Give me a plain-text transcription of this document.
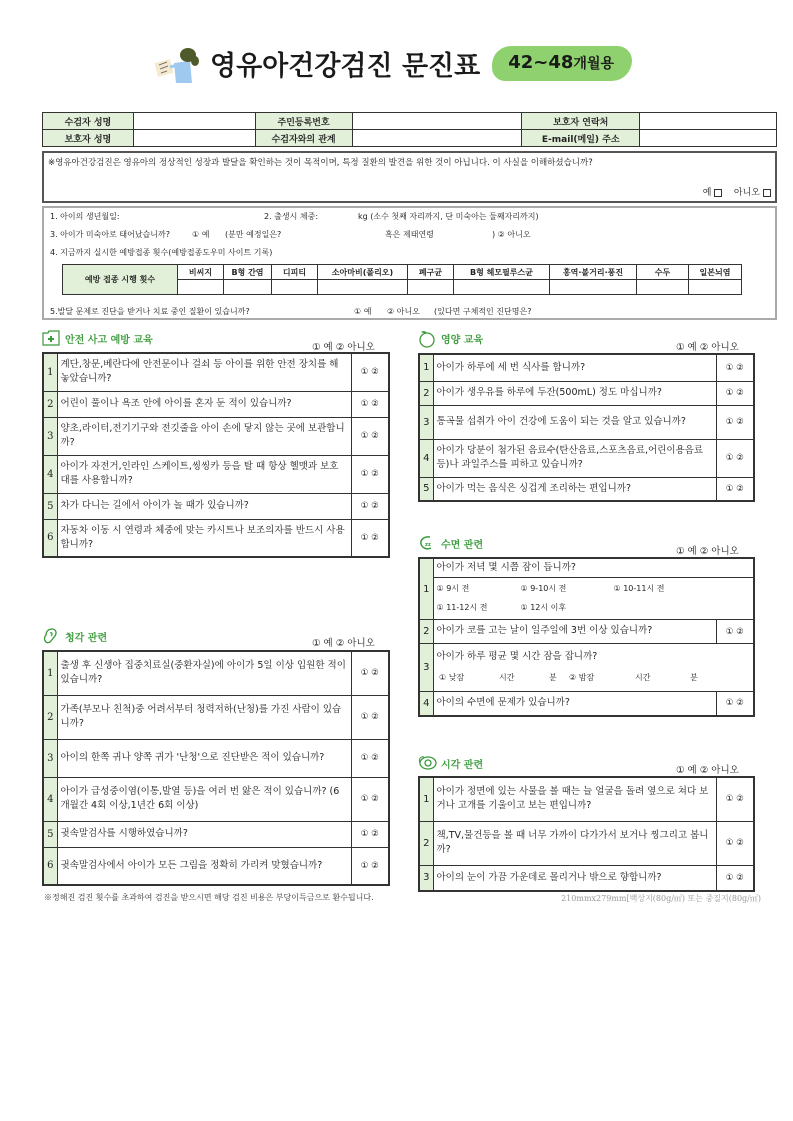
영유아건강검진 문진표 42~48 개월용
수검자 성명		주민등록번호		보호자 연락처	
보호자 성명		수검자와의 관계		E-mail(메일) 주소	
※영유아건강검진은 영유아의 정상적인 성장과 발달을 확인하는 것이 목적이며, 특정 질환의 발견을 위한 것이 아닙니다. 이 사실을 이해하셨습니까?
예 아니오
1. 아이의 생년월일:	2. 출생시 체중:	kg (소수 첫째 자리까지, 단 미숙아는 둘째자리까지)
3. 아이가 미숙아로 태어났습니까?	① 예 (분만 예정일은?	혹은 제태연령	) ② 아니오
4. 지금까지 실시한 예방접종 횟수(예방접종도우미 사이트 기록)
예방 접종 시행 횟수	비씨지	B형 간염	디피티	소아마비(폴리오)	폐구균	B형 헤모필루스균	홍역·볼거리·풍진	수두	일본뇌염

5.발달 문제로 진단을 받거나 치료 중인 질환이 있습니까?	① 예 ② 아니오 (있다면 구체적인 진단명은?
안전 사고 예방 교육
① 예 ② 아니오
1	계단,창문,베란다에 안전문이나 걸쇠 등 아이를 위한 안전 장치를 해놓았습니까?	① ②
2	어린이 풀이나 욕조 안에 아이를 혼자 둔 적이 있습니까?	① ②
3	양초,라이터,전기기구와 전깃줄을 아이 손에 닿지 않는 곳에 보관합니까?	① ②
4	아이가 자전거,인라인 스케이트,씽씽카 등을 탈 때 항상 헬맷과 보호대를 사용합니까?	① ②
5	차가 다니는 길에서 아이가 놀 때가 있습니까?	① ②
6	자동차 이동 시 연령과 체중에 맞는 카시트나 보조의자를 반드시 사용합니까?	① ②
청각 관련	① 예 ② 아니오
1	출생 후 신생아 집중치료실(중환자실)에 아이가 5일 이상 입원한 적이 있습니까?	① ②
2	가족(부모나 친척)중 어려서부터 청력저하(난청)를 가진 사람이 있습니까?	① ②
3	아이의 한쪽 귀나 양쪽 귀가 '난청'으로 진단받은 적이 있습니까?	① ②
4	아이가 급성중이염(이통,발열 등)을 여러 번 앓은 적이 있습니까? (6개월간 4회 이상,1년간 6회 이상)	① ②
5	귓속말검사를 시행하였습니까?	① ②
6	귓속말검사에서 아이가 모든 그림을 정확히 가리켜 맞혔습니까?	① ②
영양 교육
① 예 ② 아니오
1	아이가 하루에 세 번 식사를 합니까?	① ②
2	아이가 생우유를 하루에 두잔(500mL) 정도 마십니까?	① ②
3	통곡물 섭취가 아이 건강에 도움이 되는 것을 알고 있습니까?	① ②
4	아이가 당분이 첨가된 음료수(탄산음료,스포츠음료,어린이용음료 등)나 과일주스를 피하고 있습니까?	① ②
5	아이가 먹는 음식은 싱겁게 조리하는 편입니까?	① ②
zz 수면 관련
① 예 ② 아니오
1	아이가 저녁 몇 시쯤 잠이 듭니까?	
	① 9시 전 ① 9-10시 전 ① 10-11시 전
① 11-12시 전 ① 12시 이후	
2	아이가 코를 고는 날이 일주일에 3번 이상 있습니까?	① ②
3	아이가 하루 평균 몇 시간 잠을 잡니까?
① 낮잠 시간 분 ② 밤잠 시간 분	
4	아이의 수면에 문제가 있습니까?	① ②
시각 관련	① 예 ② 아니오
1	아이가 정면에 있는 사물을 볼 때는 늘 얼굴을 돌려 옆으로 쳐다 보거나 고개를 기울이고 보는 편입니까?	① ②
2	책,TV,물건등을 볼 때 너무 가까이 다가가서 보거나 찡그리고 봅니까?	① ②
3	아이의 눈이 가끔 가운데로 몰리거나 밖으로 향합니까?	① ②
※정해진 검진 횟수를 초과하여 검진을 받으시면 해당 검진 비용은 부당이득금으로 환수됩니다.	210mmx279mm[백상지(80g/㎡) 또는 중질지(80g/㎡)
